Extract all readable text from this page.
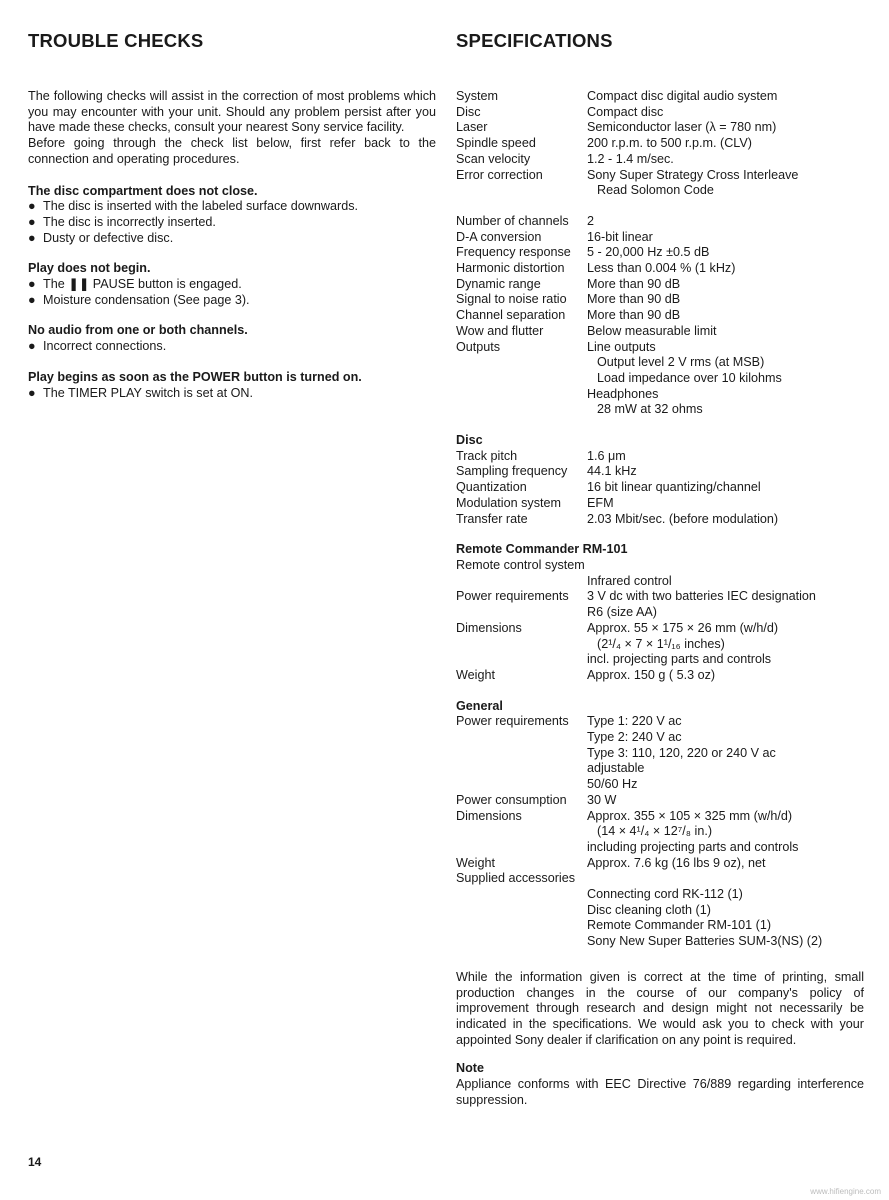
TROUBLE CHECKS

The following checks will assist in the correction of most problems which you may encounter with your unit. Should any problem persist after you have made these checks, consult your nearest Sony service facility.

Before going through the check list below, first refer back to the connection and operating procedures.

The disc compartment does not close.

● The disc is inserted with the labeled surface downwards.
● The disc is incorrectly inserted.
● Dusty or defective disc.

Play does not begin.

● The ❚❚ PAUSE button is engaged.
● Moisture condensation (See page 3).

No audio from one or both channels.

● Incorrect connections.

Play begins as soon as the POWER button is turned on.

● The TIMER PLAY switch is set at ON.
SPECIFICATIONS
System	Compact disc digital audio system
Disc	Compact disc
Laser	Semiconductor laser (λ = 780 nm)
Spindle speed	200 r.p.m. to 500 r.p.m. (CLV)
Scan velocity	1.2 - 1.4 m/sec.
Error correction	Sony Super Strategy Cross Interleave
Read Solomon Code
Number of channels	2
D-A conversion	16-bit linear
Frequency response	5 - 20,000 Hz ±0.5 dB
Harmonic distortion	Less than 0.004 % (1 kHz)
Dynamic range	More than 90 dB
Signal to noise ratio	More than 90 dB
Channel separation	More than 90 dB
Wow and flutter	Below measurable limit
Outputs	Line outputs
Output level 2 V rms (at MSB)
Load impedance over 10 kilohms
Headphones
28 mW at 32 ohms
Disc
Track pitch	1.6 μm
Sampling frequency	44.1 kHz
Quantization	16 bit linear quantizing/channel
Modulation system	EFM
Transfer rate	2.03 Mbit/sec. (before modulation)
Remote Commander RM-101
Remote control system
Infrared control
Power requirements	3 V dc with two batteries IEC designation
R6 (size AA)
Dimensions	Approx. 55 × 175 × 26 mm (w/h/d)
(2¹/₄ × 7 × 1¹/₁₆ inches)
incl. projecting parts and controls
Weight	Approx. 150 g ( 5.3 oz)
General
Power requirements	Type 1: 220 V ac
Type 2: 240 V ac
Type 3: 110, 120, 220 or 240 V ac
adjustable
50/60 Hz
Power consumption	30 W
Dimensions	Approx. 355 × 105 × 325 mm (w/h/d)
(14 × 4¹/₄ × 12⁷/₈ in.)
including projecting parts and controls
Weight	Approx. 7.6 kg (16 lbs 9 oz), net
Supplied accessories
Connecting cord RK-112 (1)
Disc cleaning cloth (1)
Remote Commander RM-101 (1)
Sony New Super Batteries SUM-3(NS) (2)
While the information given is correct at the time of printing, small production changes in the course of our company's policy of improvement through research and design might not necessarily be indicated in the specifications. We would ask you to check with your appointed Sony dealer if clarification on any point is required.
Note
Appliance conforms with EEC Directive 76/889 regarding interference suppression.
14
www.hifiengine.com
